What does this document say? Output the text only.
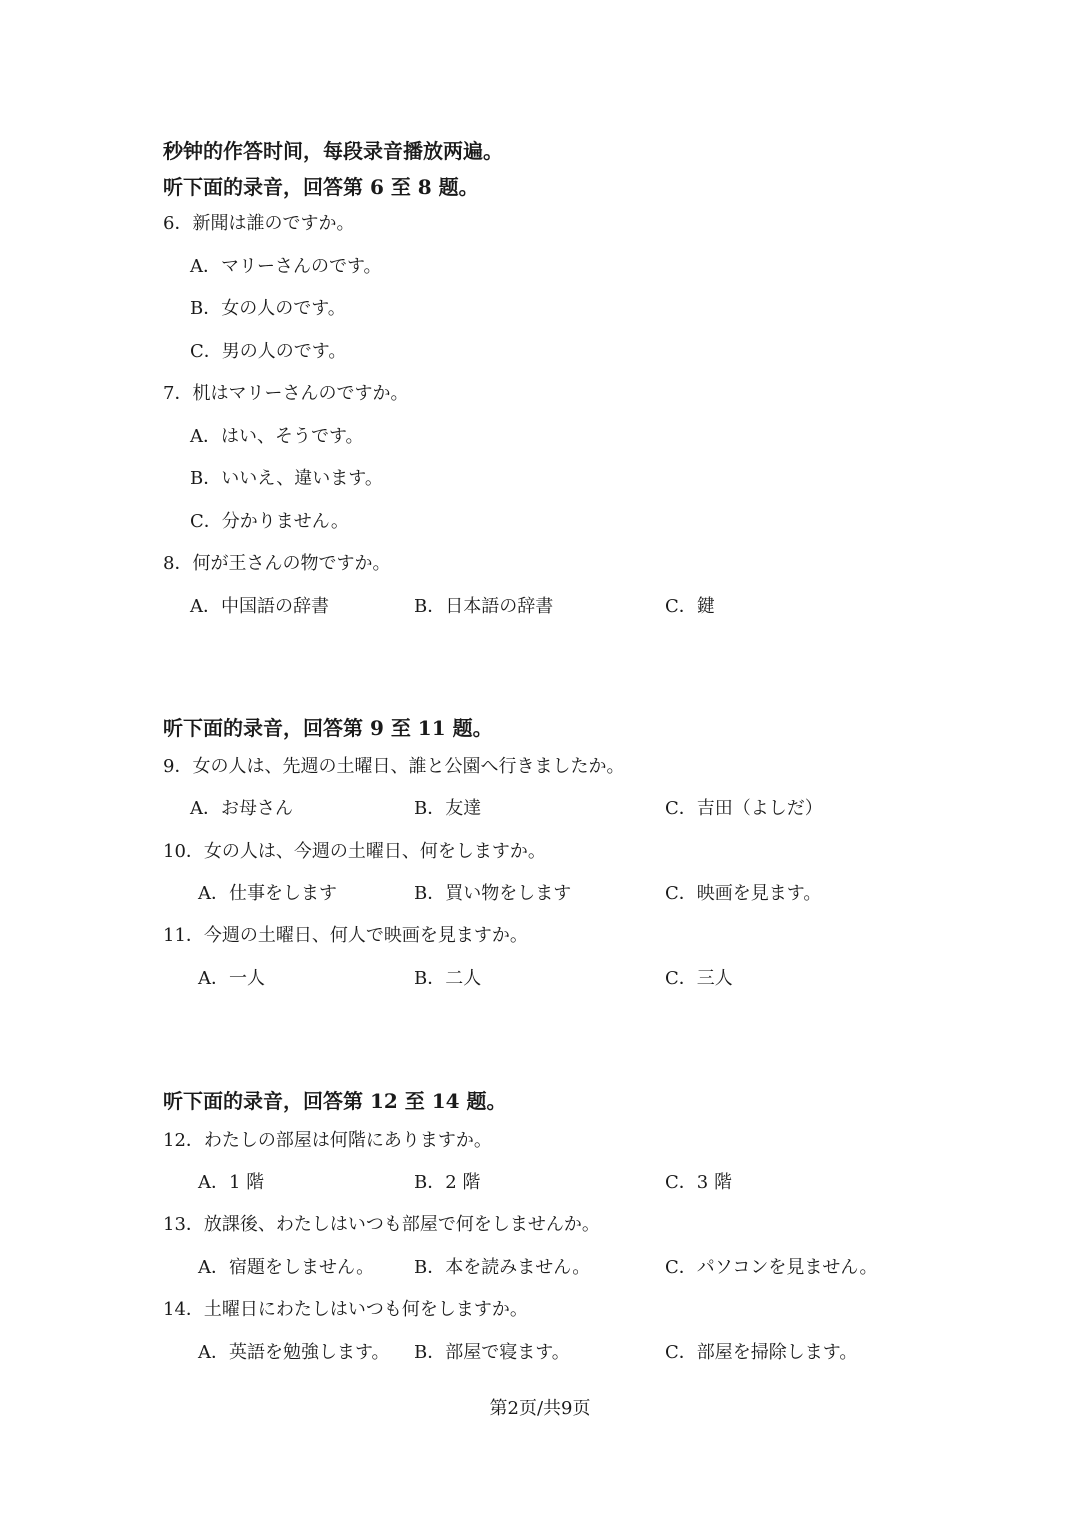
秒钟的作答时间，每段录音播放两遍。
听下面的录音，回答第 6 至 8 题。
6．新聞は誰のですか。
A．マリーさんのです。
B．女の人のです。
C．男の人のです。
7．机はマリーさんのですか。
A．はい、そうです。
B．いいえ、違います。
C．分かりません。
8．何が王さんの物ですか。
A．中国語の辞書	B．日本語の辞書	C．鍵
听下面的录音，回答第 9 至 11 题。
9．女の人は、先週の土曜日、誰と公園へ行きましたか。
A．お母さん	B．友達	C．吉田（よしだ）
10．女の人は、今週の土曜日、何をしますか。
A．仕事をします	B．買い物をします	C．映画を見ます。
11．今週の土曜日、何人で映画を見ますか。
A．一人	B．二人	C．三人
听下面的录音，回答第 12 至 14 题。
12．わたしの部屋は何階にありますか。
A．1 階	B．2 階	C．3 階
13．放課後、わたしはいつも部屋で何をしませんか。
A．宿題をしません。 B．本を読みません。	C．パソコンを見ません。
14．土曜日にわたしはいつも何をしますか。
A．英語を勉強します。 B．部屋で寝ます。	C．部屋を掃除します。
第2页/共9页
